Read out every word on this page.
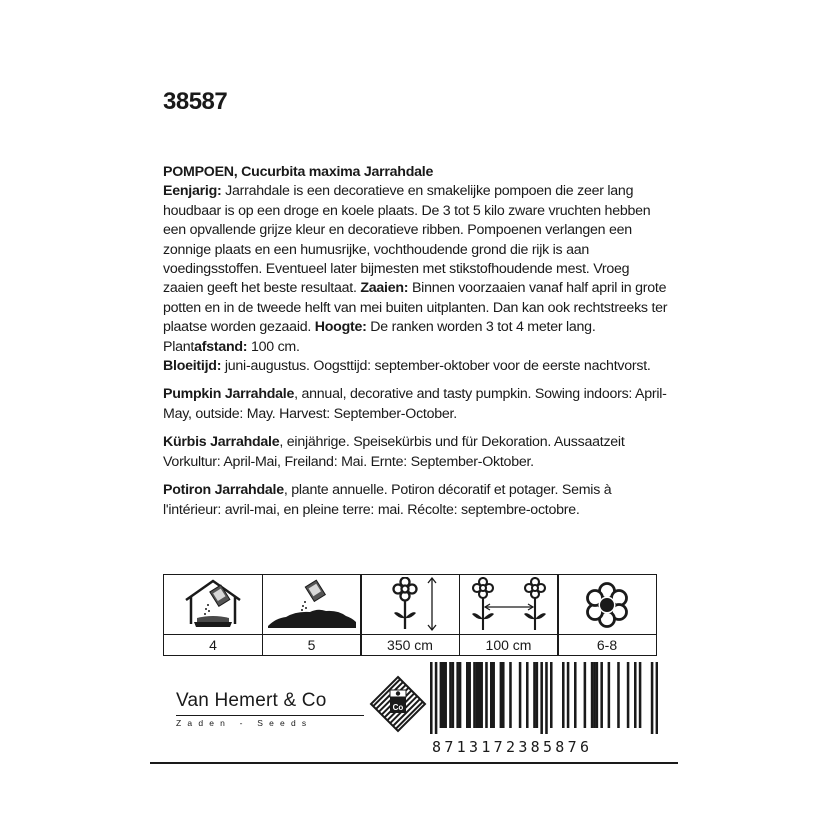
38587

POMPOEN, Cucurbita maxima Jarrahdale
Eenjarig: Jarrahdale is een decoratieve en smakelijke pompoen die zeer lang houdbaar is op een droge en koele plaats. De 3 tot 5 kilo zware vruchten hebben een opvallende grijze kleur en decoratieve ribben. Pompoenen verlangen een zonnige plaats en een humusrijke, vochthoudende grond die rijk is aan voedingsstoffen. Eventueel later bijmesten met stikstofhoudende mest. Vroeg zaaien geeft het beste resultaat. Zaaien: Binnen voorzaaien vanaf half april in grote potten en in de tweede helft van mei buiten uitplanten. Dan kan ook rechtstreeks ter plaatse worden gezaaid. Hoogte: De ranken worden 3 tot 4 meter lang. Plantafstand: 100 cm.
Bloeitijd: juni-augustus. Oogsttijd: september-oktober voor de eerste nachtvorst.

Pumpkin Jarrahdale, annual, decorative and tasty pumpkin. Sowing indoors: April-May, outside: May. Harvest: September-October.

Kürbis Jarrahdale, einjährige. Speisekürbis und für Dekoration. Aussaatzeit Vorkultur: April-Mai, Freiland: Mai. Ernte: September-Oktober.

Potiron Jarrahdale, plante annuelle. Potiron décoratif et potager. Semis à l'intérieur: avril-mai, en pleine terre: mai. Récolte: septembre-octobre.

4	5	350 cm	100 cm	6-8
Van Hemert & Co
Zaden - Seeds
Co
8713172385876
